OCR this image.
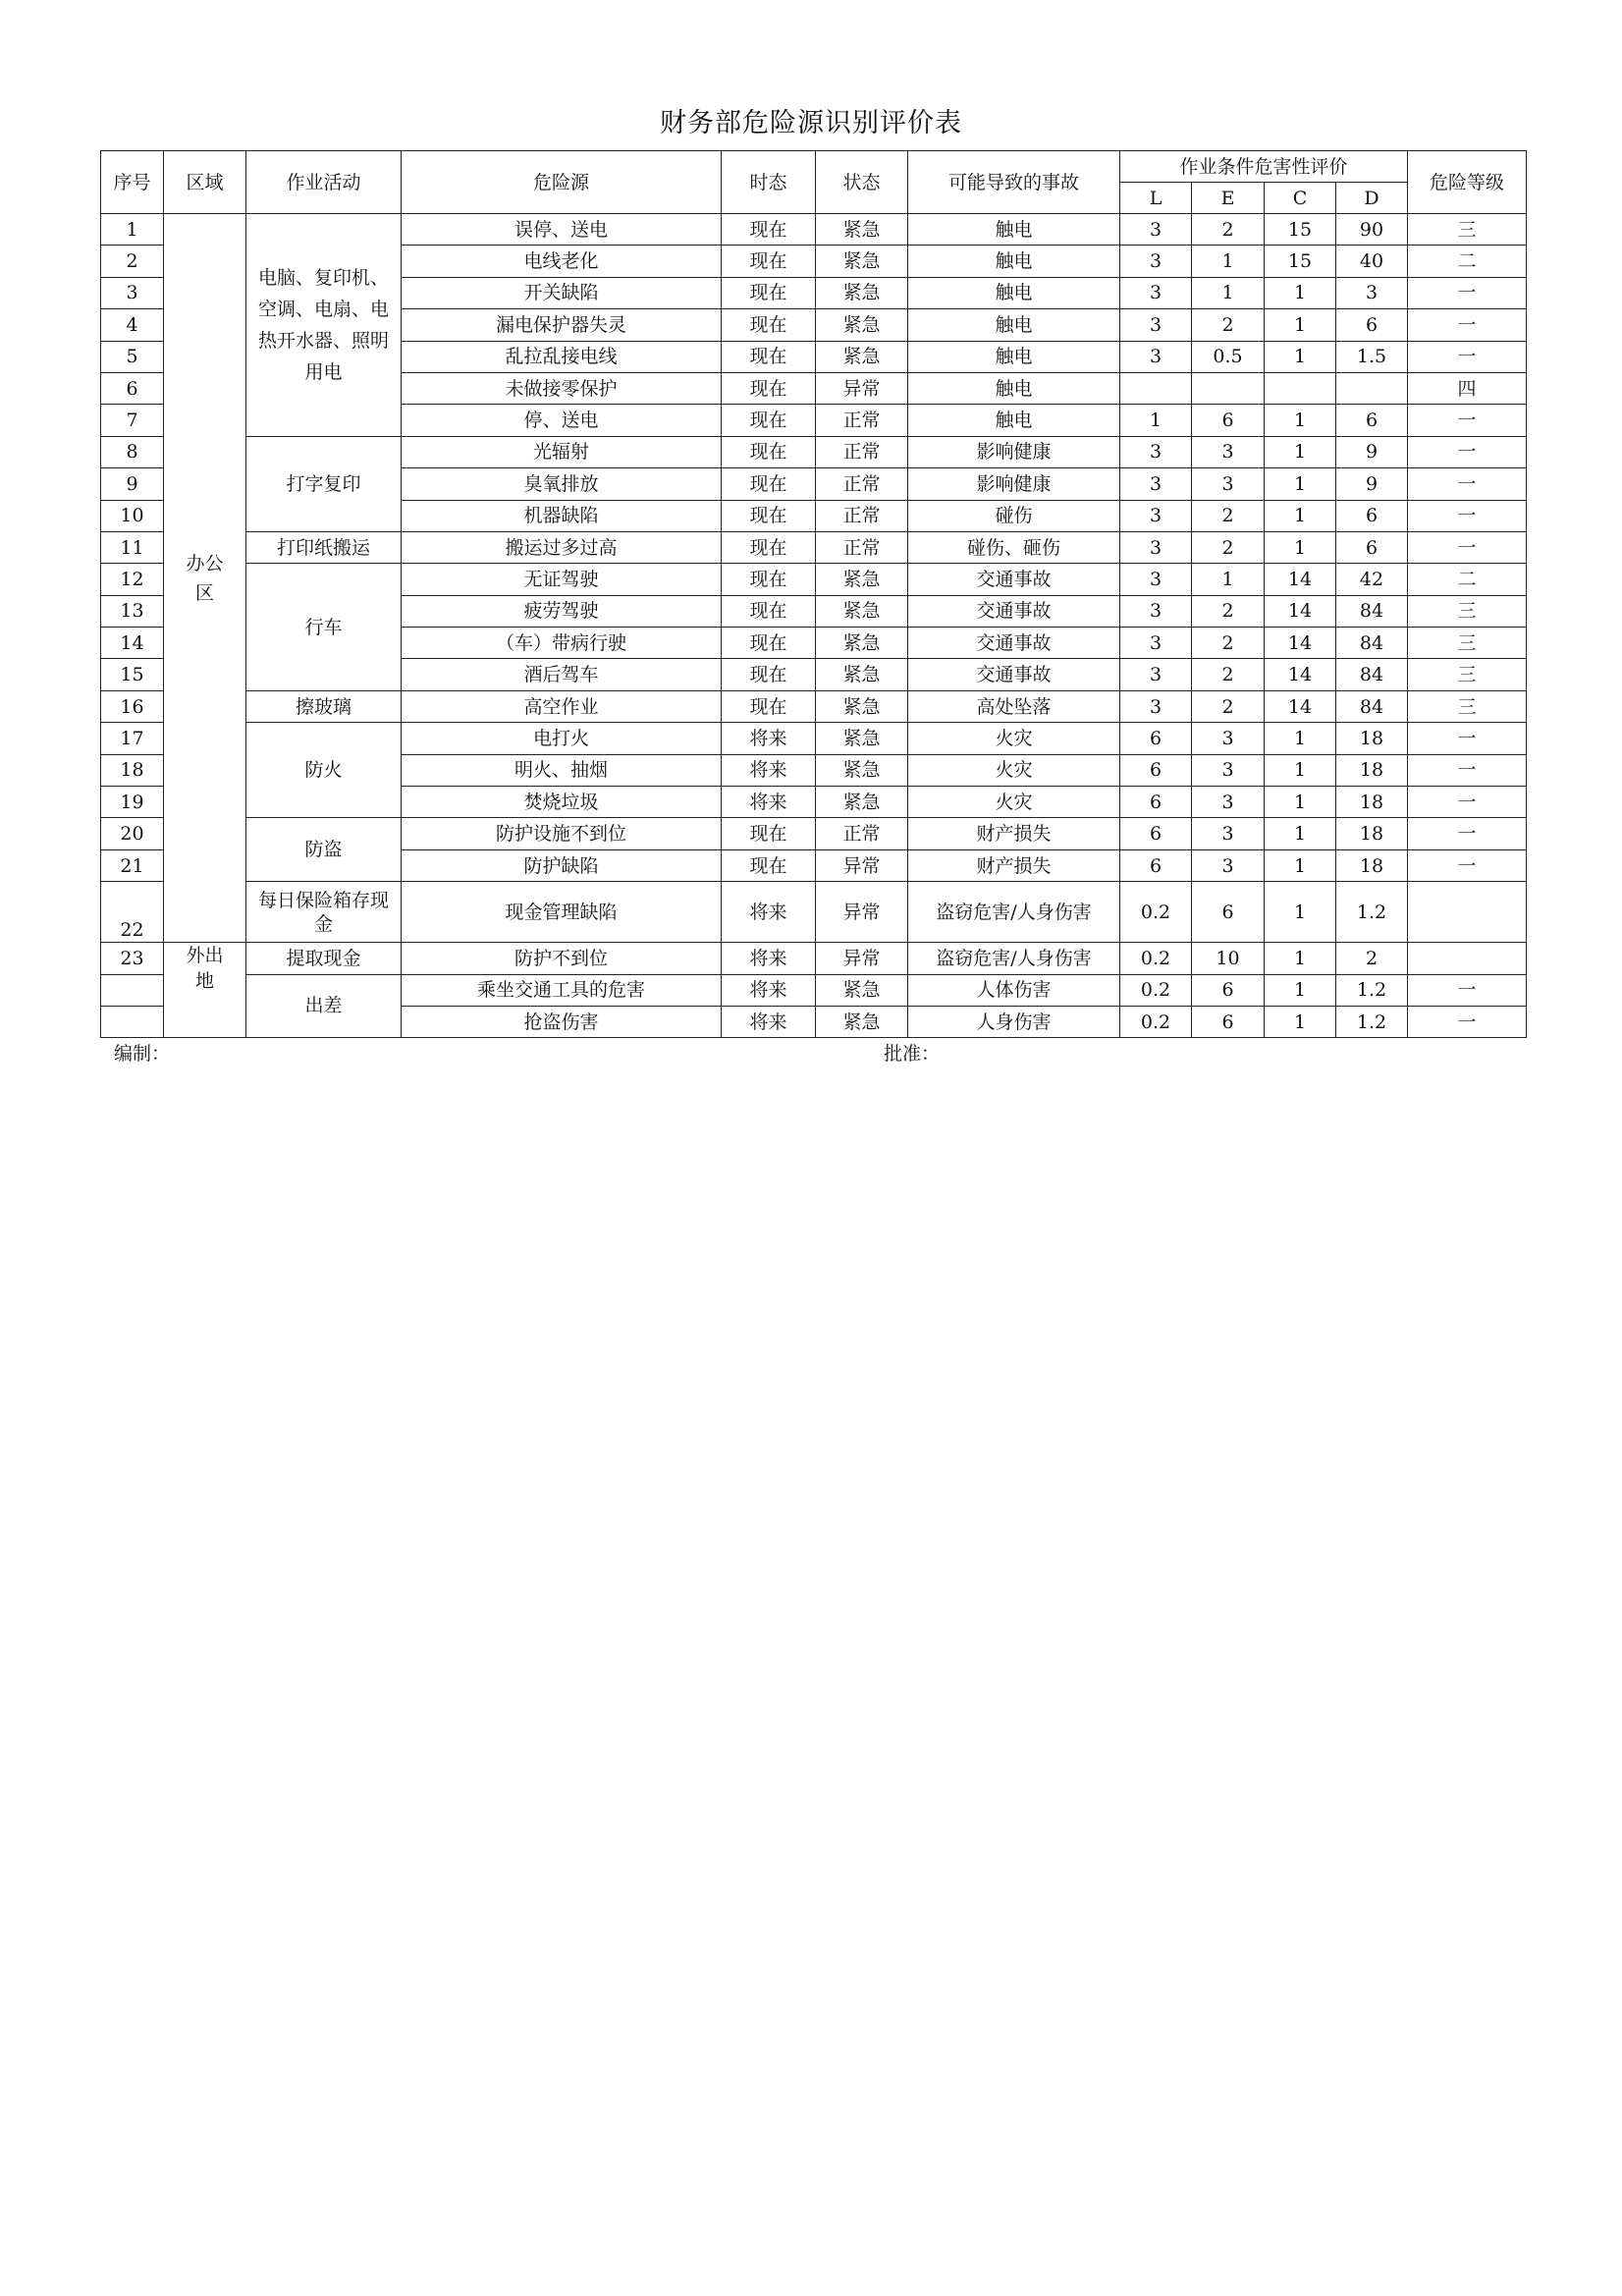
财务部危险源识别评价表
序号	区域	作业活动	危险源	时态	状态	可能导致的事故	作业条件危害性评价				危险等级
							L	E	C	D	
1	办公区	电脑、复印机、空调、电扇、电热开水器、照明用电	误停、送电	现在	紧急	触电	3	2	15	90	三
2			电线老化	现在	紧急	触电	3	1	15	40	二
3			开关缺陷	现在	紧急	触电	3	1	1	3	一
4			漏电保护器失灵	现在	紧急	触电	3	2	1	6	一
5			乱拉乱接电线	现在	紧急	触电	3	0.5	1	1.5	一
6			未做接零保护	现在	异常	触电					四
7			停、送电	现在	正常	触电	1	6	1	6	一
8		打字复印	光辐射	现在	正常	影响健康	3	3	1	9	一
9			臭氧排放	现在	正常	影响健康	3	3	1	9	一
10			机器缺陷	现在	正常	碰伤	3	2	1	6	一
11		打印纸搬运	搬运过多过高	现在	正常	碰伤、砸伤	3	2	1	6	一
12		行车	无证驾驶	现在	紧急	交通事故	3	1	14	42	二
13			疲劳驾驶	现在	紧急	交通事故	3	2	14	84	三
14			（车）带病行驶	现在	紧急	交通事故	3	2	14	84	三
15			酒后驾车	现在	紧急	交通事故	3	2	14	84	三
16		擦玻璃	高空作业	现在	紧急	高处坠落	3	2	14	84	三
17		防火	电打火	将来	紧急	火灾	6	3	1	18	一
18			明火、抽烟	将来	紧急	火灾	6	3	1	18	一
19			焚烧垃圾	将来	紧急	火灾	6	3	1	18	一
20		防盗	防护设施不到位	现在	正常	财产损失	6	3	1	18	一
21			防护缺陷	现在	异常	财产损失	6	3	1	18	一
22		每日保险箱存现金	现金管理缺陷	将来	异常	盗窃危害/人身伤害	0.2	6	1	1.2	
23	外出地	提取现金	防护不到位	将来	异常	盗窃危害/人身伤害	0.2	10	1	2	
		出差	乘坐交通工具的危害	将来	紧急	人体伤害	0.2	6	1	1.2	一
			抢盗伤害	将来	紧急	人身伤害	0.2	6	1	1.2	一
编制：	批准：
